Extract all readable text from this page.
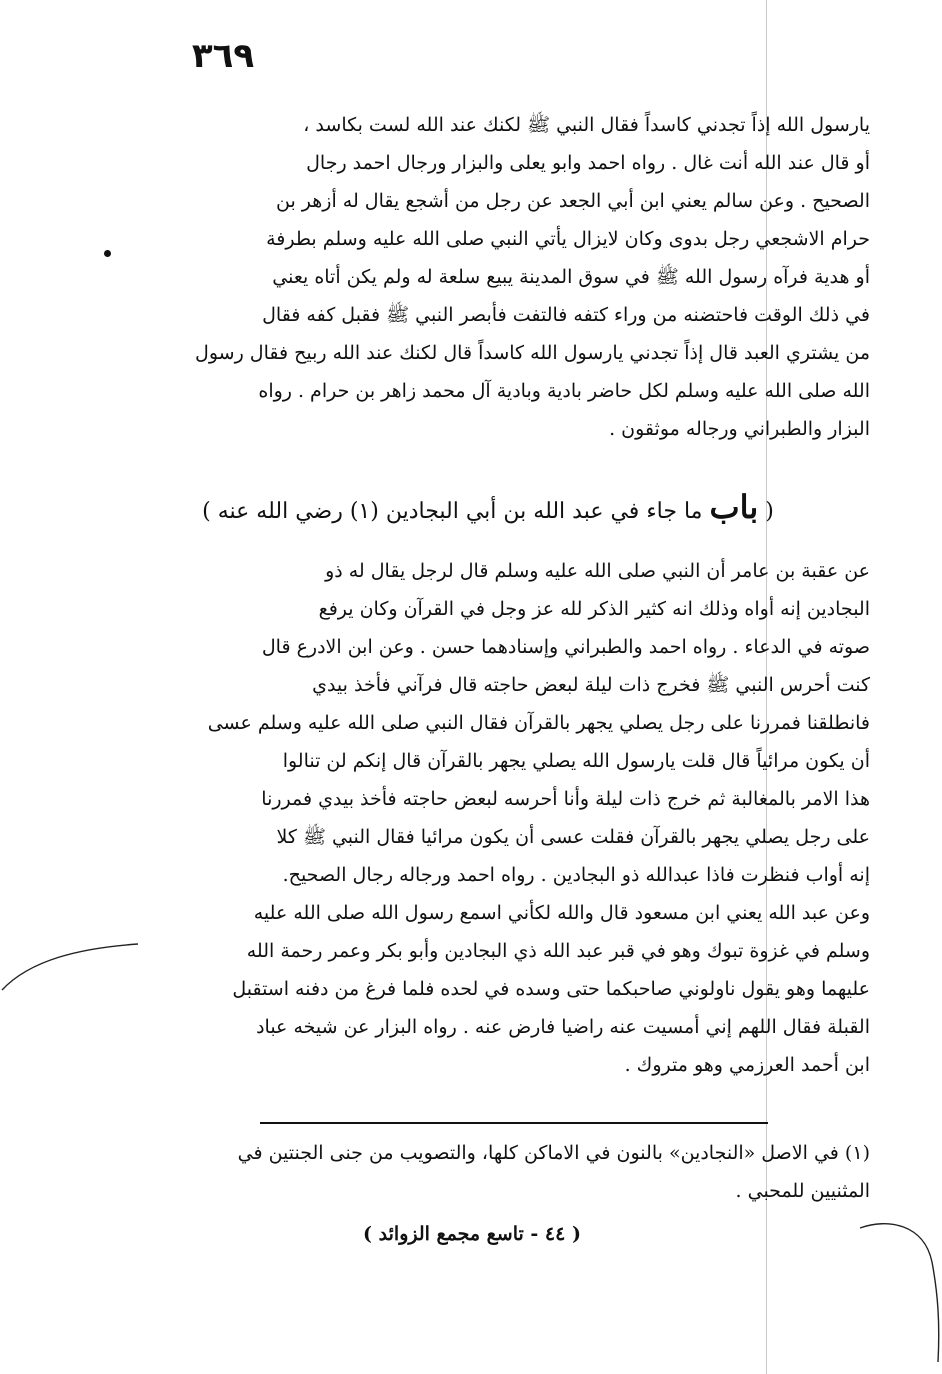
٣٦٩
يارسول الله إذاً تجدني كاسداً فقال النبي ﷺ لكنك عند الله لست بكاسد ،
أو قال عند الله أنت غال . رواه احمد وابو يعلى والبزار ورجال احمد رجال
الصحيح . وعن سالم يعني ابن أبي الجعد عن رجل من أشجع يقال له أزهر بن
حرام الاشجعي رجل بدوى وكان لايزال يأتي النبي صلى الله عليه وسلم بطرفة
أو هدية فرآه رسول الله ﷺ في سوق المدينة يبيع سلعة له ولم يكن أتاه يعني
في ذلك الوقت فاحتضنه من وراء كتفه فالتفت فأبصر النبي ﷺ فقبل كفه فقال
من يشتري العبد قال إذاً تجدني يارسول الله كاسداً قال لكنك عند الله ربيح فقال رسول
الله صلى الله عليه وسلم لكل حاضر بادية وبادية آل محمد زاهر بن حرام . رواه
البزار والطبراني ورجاله موثقون .
( باب ما جاء في عبد الله بن أبي البجادين (١) رضي الله عنه )
عن عقبة بن عامر أن النبي صلى الله عليه وسلم قال لرجل يقال له ذو
البجادين إنه أواه وذلك انه كثير الذكر لله عز وجل في القرآن وكان يرفع
صوته في الدعاء . رواه احمد والطبراني وإسنادهما حسن . وعن ابن الادرع قال
كنت أحرس النبي ﷺ فخرج ذات ليلة لبعض حاجته قال فرآني فأخذ بيدي
فانطلقنا فمررنا على رجل يصلي يجهر بالقرآن فقال النبي صلى الله عليه وسلم عسى
أن يكون مرائياً قال قلت يارسول الله يصلي يجهر بالقرآن قال إنكم لن تنالوا
هذا الامر بالمغالبة ثم خرج ذات ليلة وأنا أحرسه لبعض حاجته فأخذ بيدي فمررنا
على رجل يصلي يجهر بالقرآن فقلت عسى أن يكون مرائيا فقال النبي ﷺ كلا
إنه أواب فنظرت فاذا عبدالله ذو البجادين . رواه احمد ورجاله رجال الصحيح.
وعن عبد الله يعني ابن مسعود قال والله لكأني اسمع رسول الله صلى الله عليه
وسلم في غزوة تبوك وهو في قبر عبد الله ذي البجادين وأبو بكر وعمر رحمة الله
عليهما وهو يقول ناولوني صاحبكما حتى وسده في لحده فلما فرغ من دفنه استقبل
القبلة فقال اللهم إني أمسيت عنه راضيا فارض عنه . رواه البزار عن شيخه عباد
ابن أحمد العرزمي وهو متروك .
(١) في الاصل «النجادين» بالنون في الاماكن كلها، والتصويب من جنى الجنتين في
المثنيين للمحبي .
( ٤٤ - تاسع مجمع الزوائد )
